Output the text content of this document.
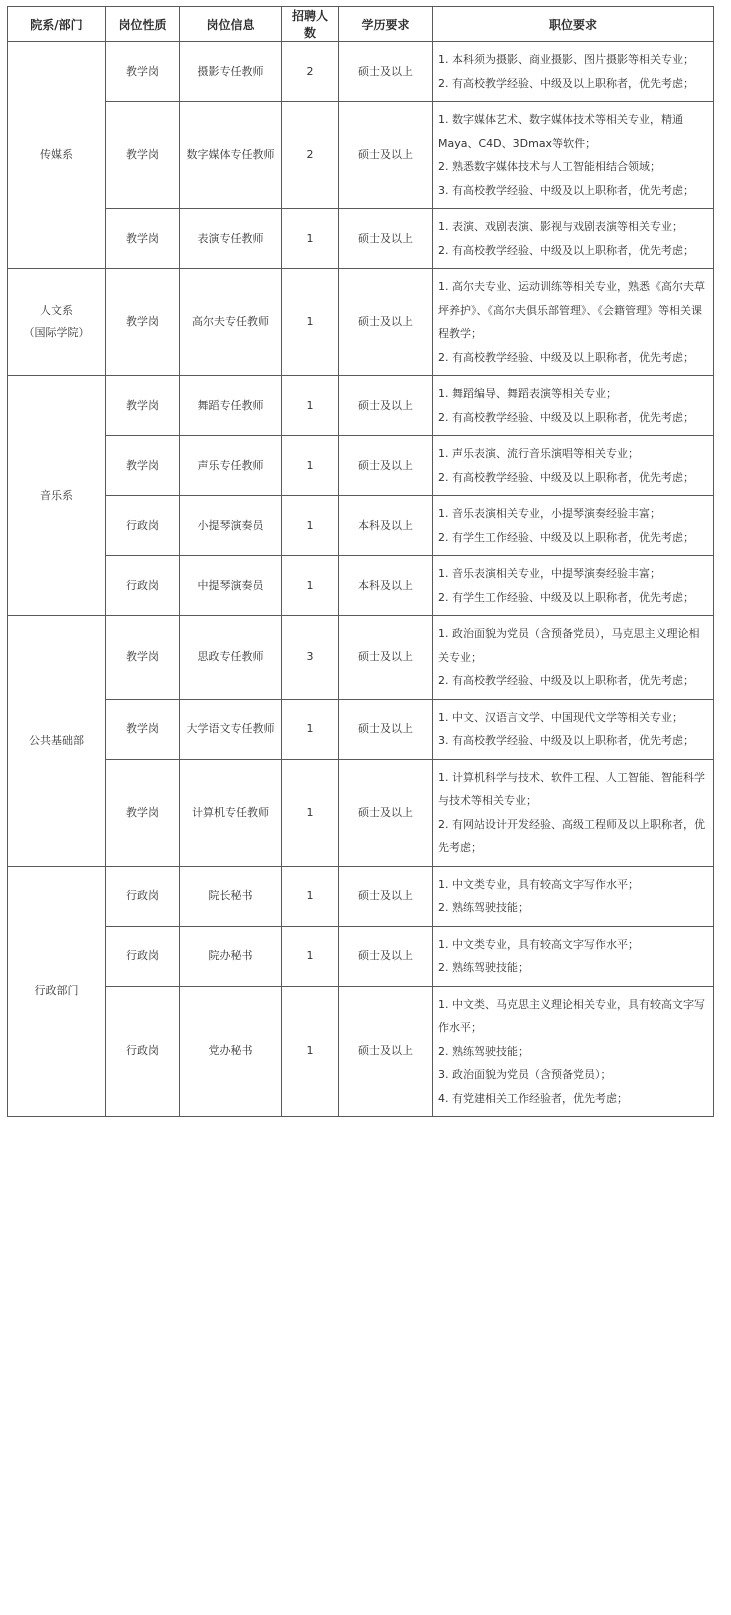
院系/部门	岗位性质	岗位信息	招聘人数	学历要求	职位要求
传媒系	教学岗	摄影专任教师	2	硕士及以上	1. 本科须为摄影、商业摄影、图片摄影等相关专业；
2. 有高校教学经验、中级及以上职称者，优先考虑；

	教学岗	数字媒体专任教师	2	硕士及以上	1. 数字媒体艺术、数字媒体技术等相关专业，精通Maya、C4D、3Dmax等软件；
2. 熟悉数字媒体技术与人工智能相结合领域；
3. 有高校教学经验、中级及以上职称者，优先考虑；

	教学岗	表演专任教师	1	硕士及以上	1. 表演、戏剧表演、影视与戏剧表演等相关专业；
2. 有高校教学经验、中级及以上职称者，优先考虑；

人文系
（国际学院）	教学岗	高尔夫专任教师	1	硕士及以上	1. 高尔夫专业、运动训练等相关专业，熟悉《高尔夫草坪养护》、《高尔夫俱乐部管理》、《会籍管理》等相关课程教学；
2. 有高校教学经验、中级及以上职称者，优先考虑；

音乐系	教学岗	舞蹈专任教师	1	硕士及以上	1. 舞蹈编导、舞蹈表演等相关专业；
2. 有高校教学经验、中级及以上职称者，优先考虑；

	教学岗	声乐专任教师	1	硕士及以上	1. 声乐表演、流行音乐演唱等相关专业；
2. 有高校教学经验、中级及以上职称者，优先考虑；

	行政岗	小提琴演奏员	1	本科及以上	1. 音乐表演相关专业，小提琴演奏经验丰富；
2. 有学生工作经验、中级及以上职称者，优先考虑；

	行政岗	中提琴演奏员	1	本科及以上	1. 音乐表演相关专业，中提琴演奏经验丰富；
2. 有学生工作经验、中级及以上职称者，优先考虑；

公共基础部	教学岗	思政专任教师	3	硕士及以上	1. 政治面貌为党员（含预备党员），马克思主义理论相关专业；
2. 有高校教学经验、中级及以上职称者，优先考虑；

	教学岗	大学语文专任教师	1	硕士及以上	1. 中文、汉语言文学、中国现代文学等相关专业；
3. 有高校教学经验、中级及以上职称者，优先考虑；

	教学岗	计算机专任教师	1	硕士及以上	1. 计算机科学与技术、软件工程、人工智能、智能科学与技术等相关专业；
2. 有网站设计开发经验、高级工程师及以上职称者，优先考虑；

行政部门	行政岗	院长秘书	1	硕士及以上	1. 中文类专业，具有较高文字写作水平；
2. 熟练驾驶技能；

	行政岗	院办秘书	1	硕士及以上	1. 中文类专业，具有较高文字写作水平；
2. 熟练驾驶技能；

	行政岗	党办秘书	1	硕士及以上	1. 中文类、马克思主义理论相关专业，具有较高文字写作水平；
2. 熟练驾驶技能；
3. 政治面貌为党员（含预备党员）；
4. 有党建相关工作经验者，优先考虑；
